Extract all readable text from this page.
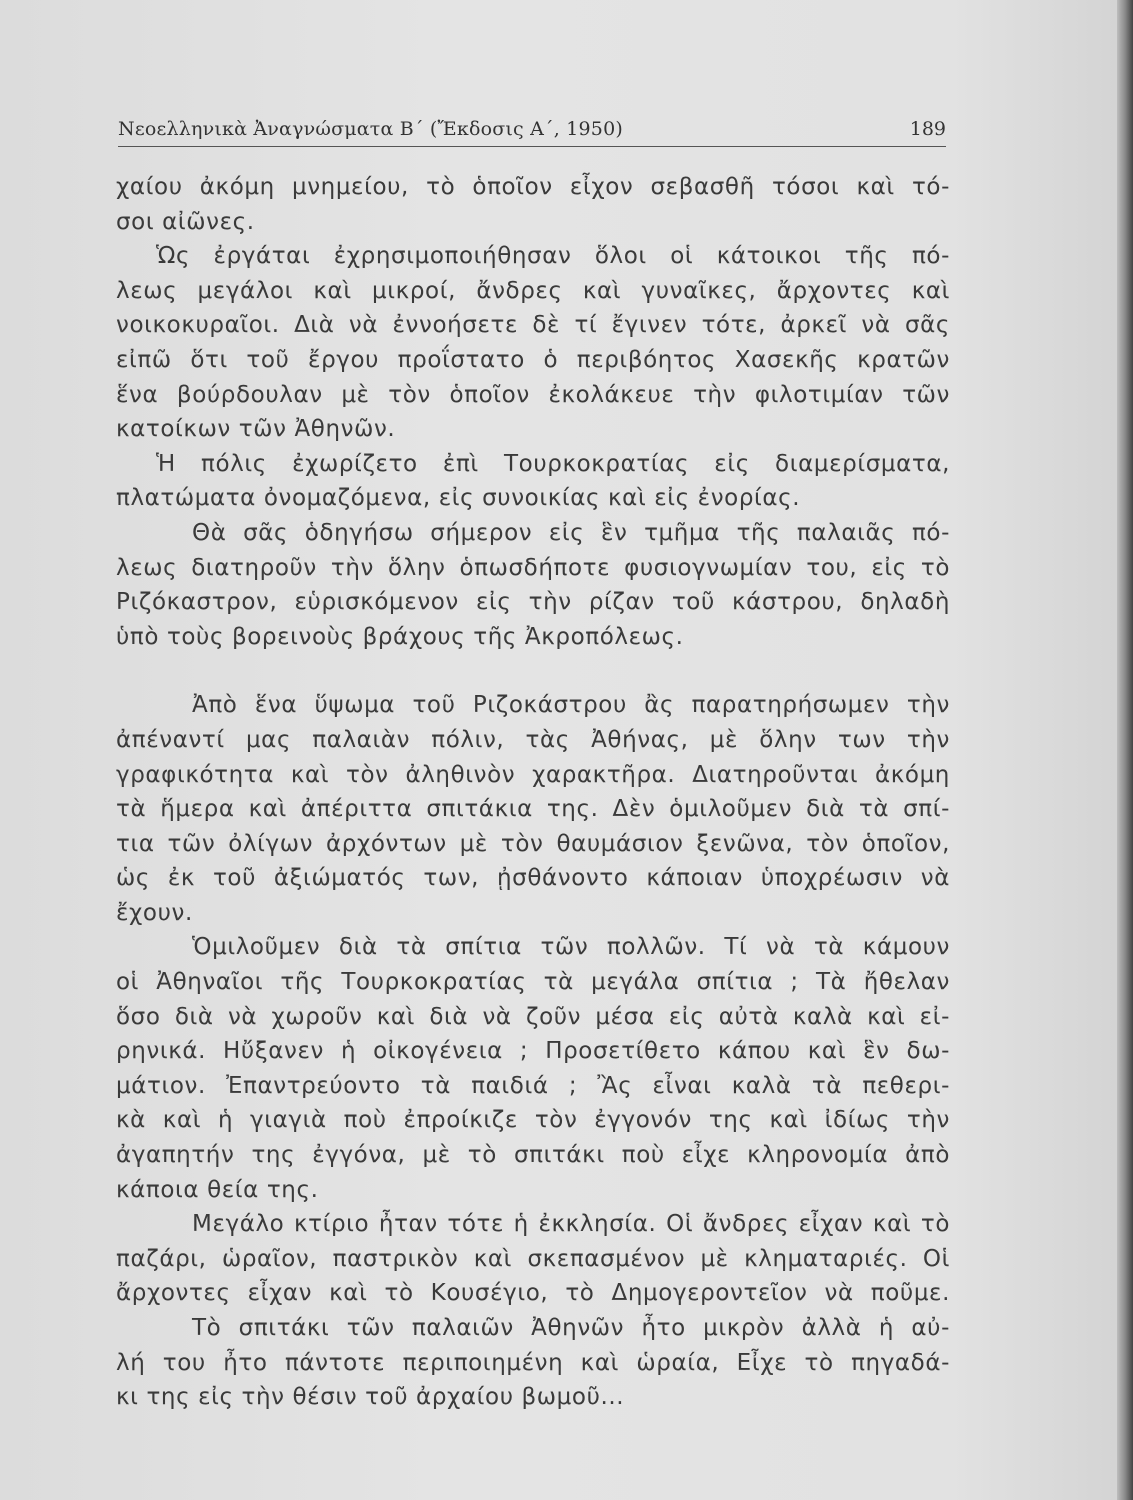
Νεοελληνικὰ Ἀναγνώσματα Β΄ (Ἔκδοσις Α΄, 1950)	189
χαίου ἀκόμη μνημείου, τὸ ὁποῖον εἶχον σεβασθῆ τόσοι καὶ τό-
σοι αἰῶνες.
Ὡς ἐργάται ἐχρησιμοποιήθησαν ὅλοι οἱ κάτοικοι τῆς πό-
λεως μεγάλοι καὶ μικροί, ἄνδρες καὶ γυναῖκες, ἄρχοντες καὶ
νοικοκυραῖοι. Διὰ νὰ ἐννοήσετε δὲ τί ἔγινεν τότε, ἀρκεῖ νὰ σᾶς
εἰπῶ ὅτι τοῦ ἔργου προΐστατο ὁ περιβόητος Χασεκῆς κρατῶν
ἕνα βούρδουλαν μὲ τὸν ὁποῖον ἐκολάκευε τὴν φιλοτιμίαν τῶν
κατοίκων τῶν Ἀθηνῶν.
Ἡ πόλις ἐχωρίζετο ἐπὶ Τουρκοκρατίας εἰς διαμερίσματα,
πλατώματα ὀνομαζόμενα, εἰς συνοικίας καὶ εἰς ἐνορίας.
Θὰ σᾶς ὁδηγήσω σήμερον εἰς ἓν τμῆμα τῆς παλαιᾶς πό-
λεως διατηροῦν τὴν ὅλην ὁπωσδήποτε φυσιογνωμίαν του, εἰς τὸ
Ριζόκαστρον, εὑρισκόμενον εἰς τὴν ρίζαν τοῦ κάστρου, δηλαδὴ
ὑπὸ τοὺς βορεινοὺς βράχους τῆς Ἀκροπόλεως.
Ἀπὸ ἕνα ὕψωμα τοῦ Ριζοκάστρου ἂς παρατηρήσωμεν τὴν
ἀπέναντί μας παλαιὰν πόλιν, τὰς Ἀθήνας, μὲ ὅλην των τὴν
γραφικότητα καὶ τὸν ἀληθινὸν χαρακτῆρα. Διατηροῦνται ἀκόμη
τὰ ἥμερα καὶ ἀπέριττα σπιτάκια της. Δὲν ὁμιλοῦμεν διὰ τὰ σπί-
τια τῶν ὀλίγων ἀρχόντων μὲ τὸν θαυμάσιον ξενῶνα, τὸν ὁποῖον,
ὡς ἐκ τοῦ ἀξιώματός των, ᾐσθάνοντο κάποιαν ὑποχρέωσιν νὰ
ἔχουν.
Ὁμιλοῦμεν διὰ τὰ σπίτια τῶν πολλῶν. Τί νὰ τὰ κάμουν
οἱ Ἀθηναῖοι τῆς Τουρκοκρατίας τὰ μεγάλα σπίτια ; Τὰ ἤθελαν
ὅσο διὰ νὰ χωροῦν καὶ διὰ νὰ ζοῦν μέσα εἰς αὐτὰ καλὰ καὶ εἰ-
ρηνικά. Ηὔξανεν ἡ οἰκογένεια ; Προσετίθετο κάπου καὶ ἓν δω-
μάτιον. Ἐπαντρεύοντο τὰ παιδιά ; Ἂς εἶναι καλὰ τὰ πεθερι-
κὰ καὶ ἡ γιαγιὰ ποὺ ἐπροίκιζε τὸν ἐγγονόν της καὶ ἰδίως τὴν
ἀγαπητήν της ἐγγόνα, μὲ τὸ σπιτάκι ποὺ εἶχε κληρονομία ἀπὸ
κάποια θεία της.
Μεγάλο κτίριο ἦταν τότε ἡ ἐκκλησία. Οἱ ἄνδρες εἶχαν καὶ τὸ
παζάρι, ὡραῖον, παστρικὸν καὶ σκεπασμένον μὲ κληματαριές. Οἱ
ἄρχοντες εἶχαν καὶ τὸ Κουσέγιο, τὸ Δημογεροντεῖον νὰ ποῦμε.
Τὸ σπιτάκι τῶν παλαιῶν Ἀθηνῶν ἦτο μικρὸν ἀλλὰ ἡ αὐ-
λή του ἦτο πάντοτε περιποιημένη καὶ ὡραία, Εἶχε τὸ πηγαδά-
κι της εἰς τὴν θέσιν τοῦ ἀρχαίου βωμοῦ...
